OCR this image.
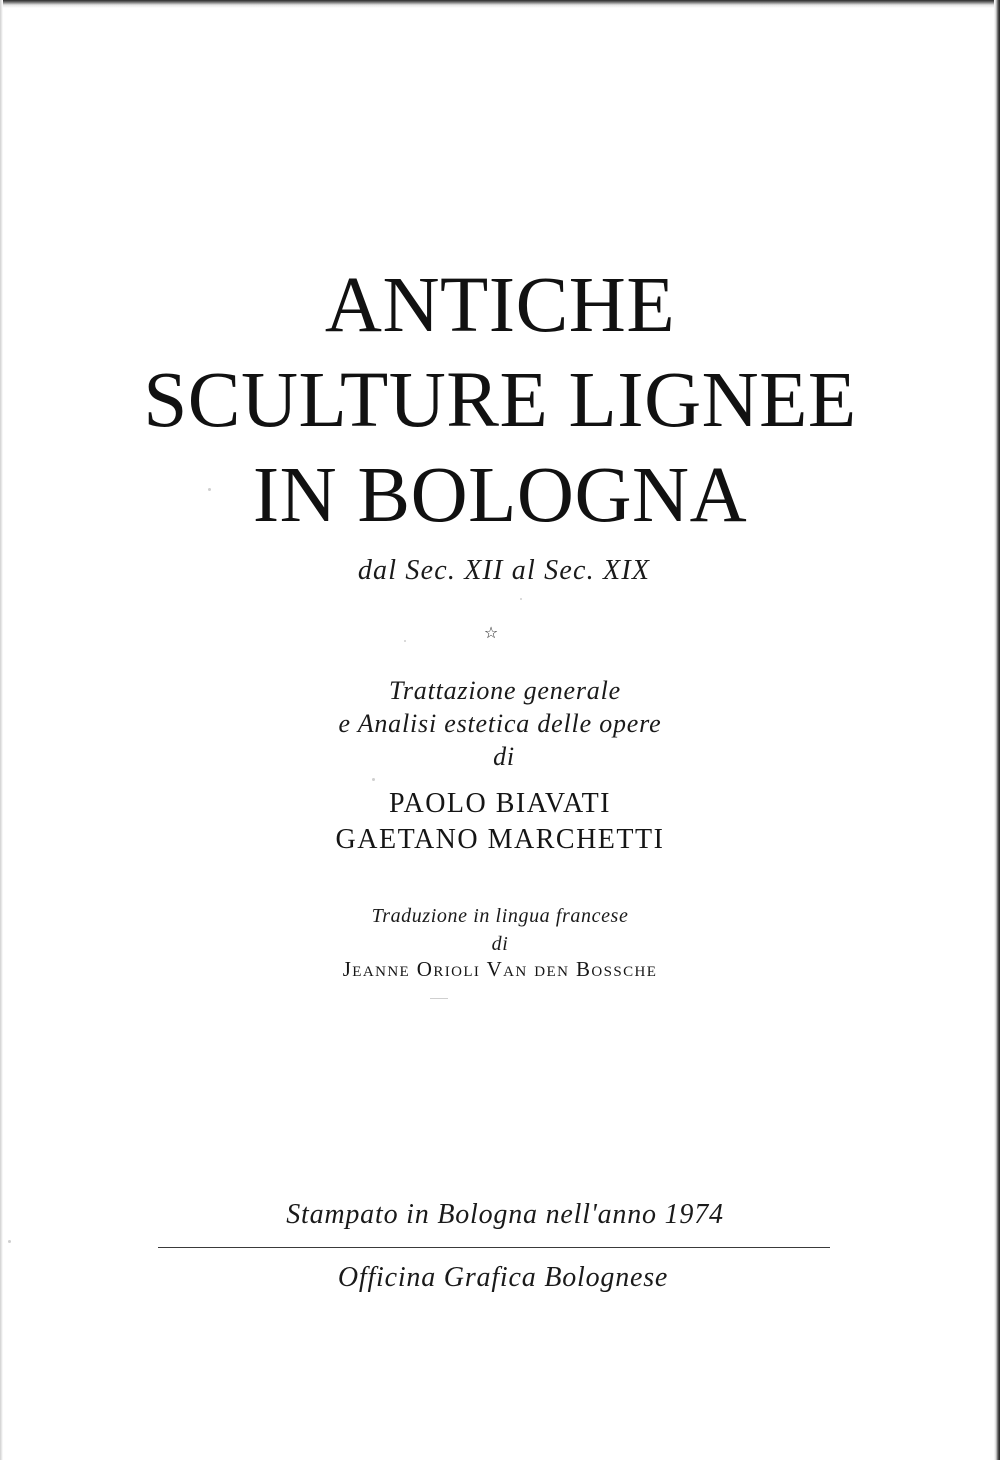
ANTICHE
SCULTURE LIGNEE
IN BOLOGNA
dal Sec. XII al Sec. XIX
☆
Trattazione generale
e Analisi estetica delle opere
di
PAOLO BIAVATI
GAETANO MARCHETTI
Traduzione in lingua francese
di
Jeanne Orioli Van den Bossche
Stampato in Bologna nell'anno 1974
Officina Grafica Bolognese
